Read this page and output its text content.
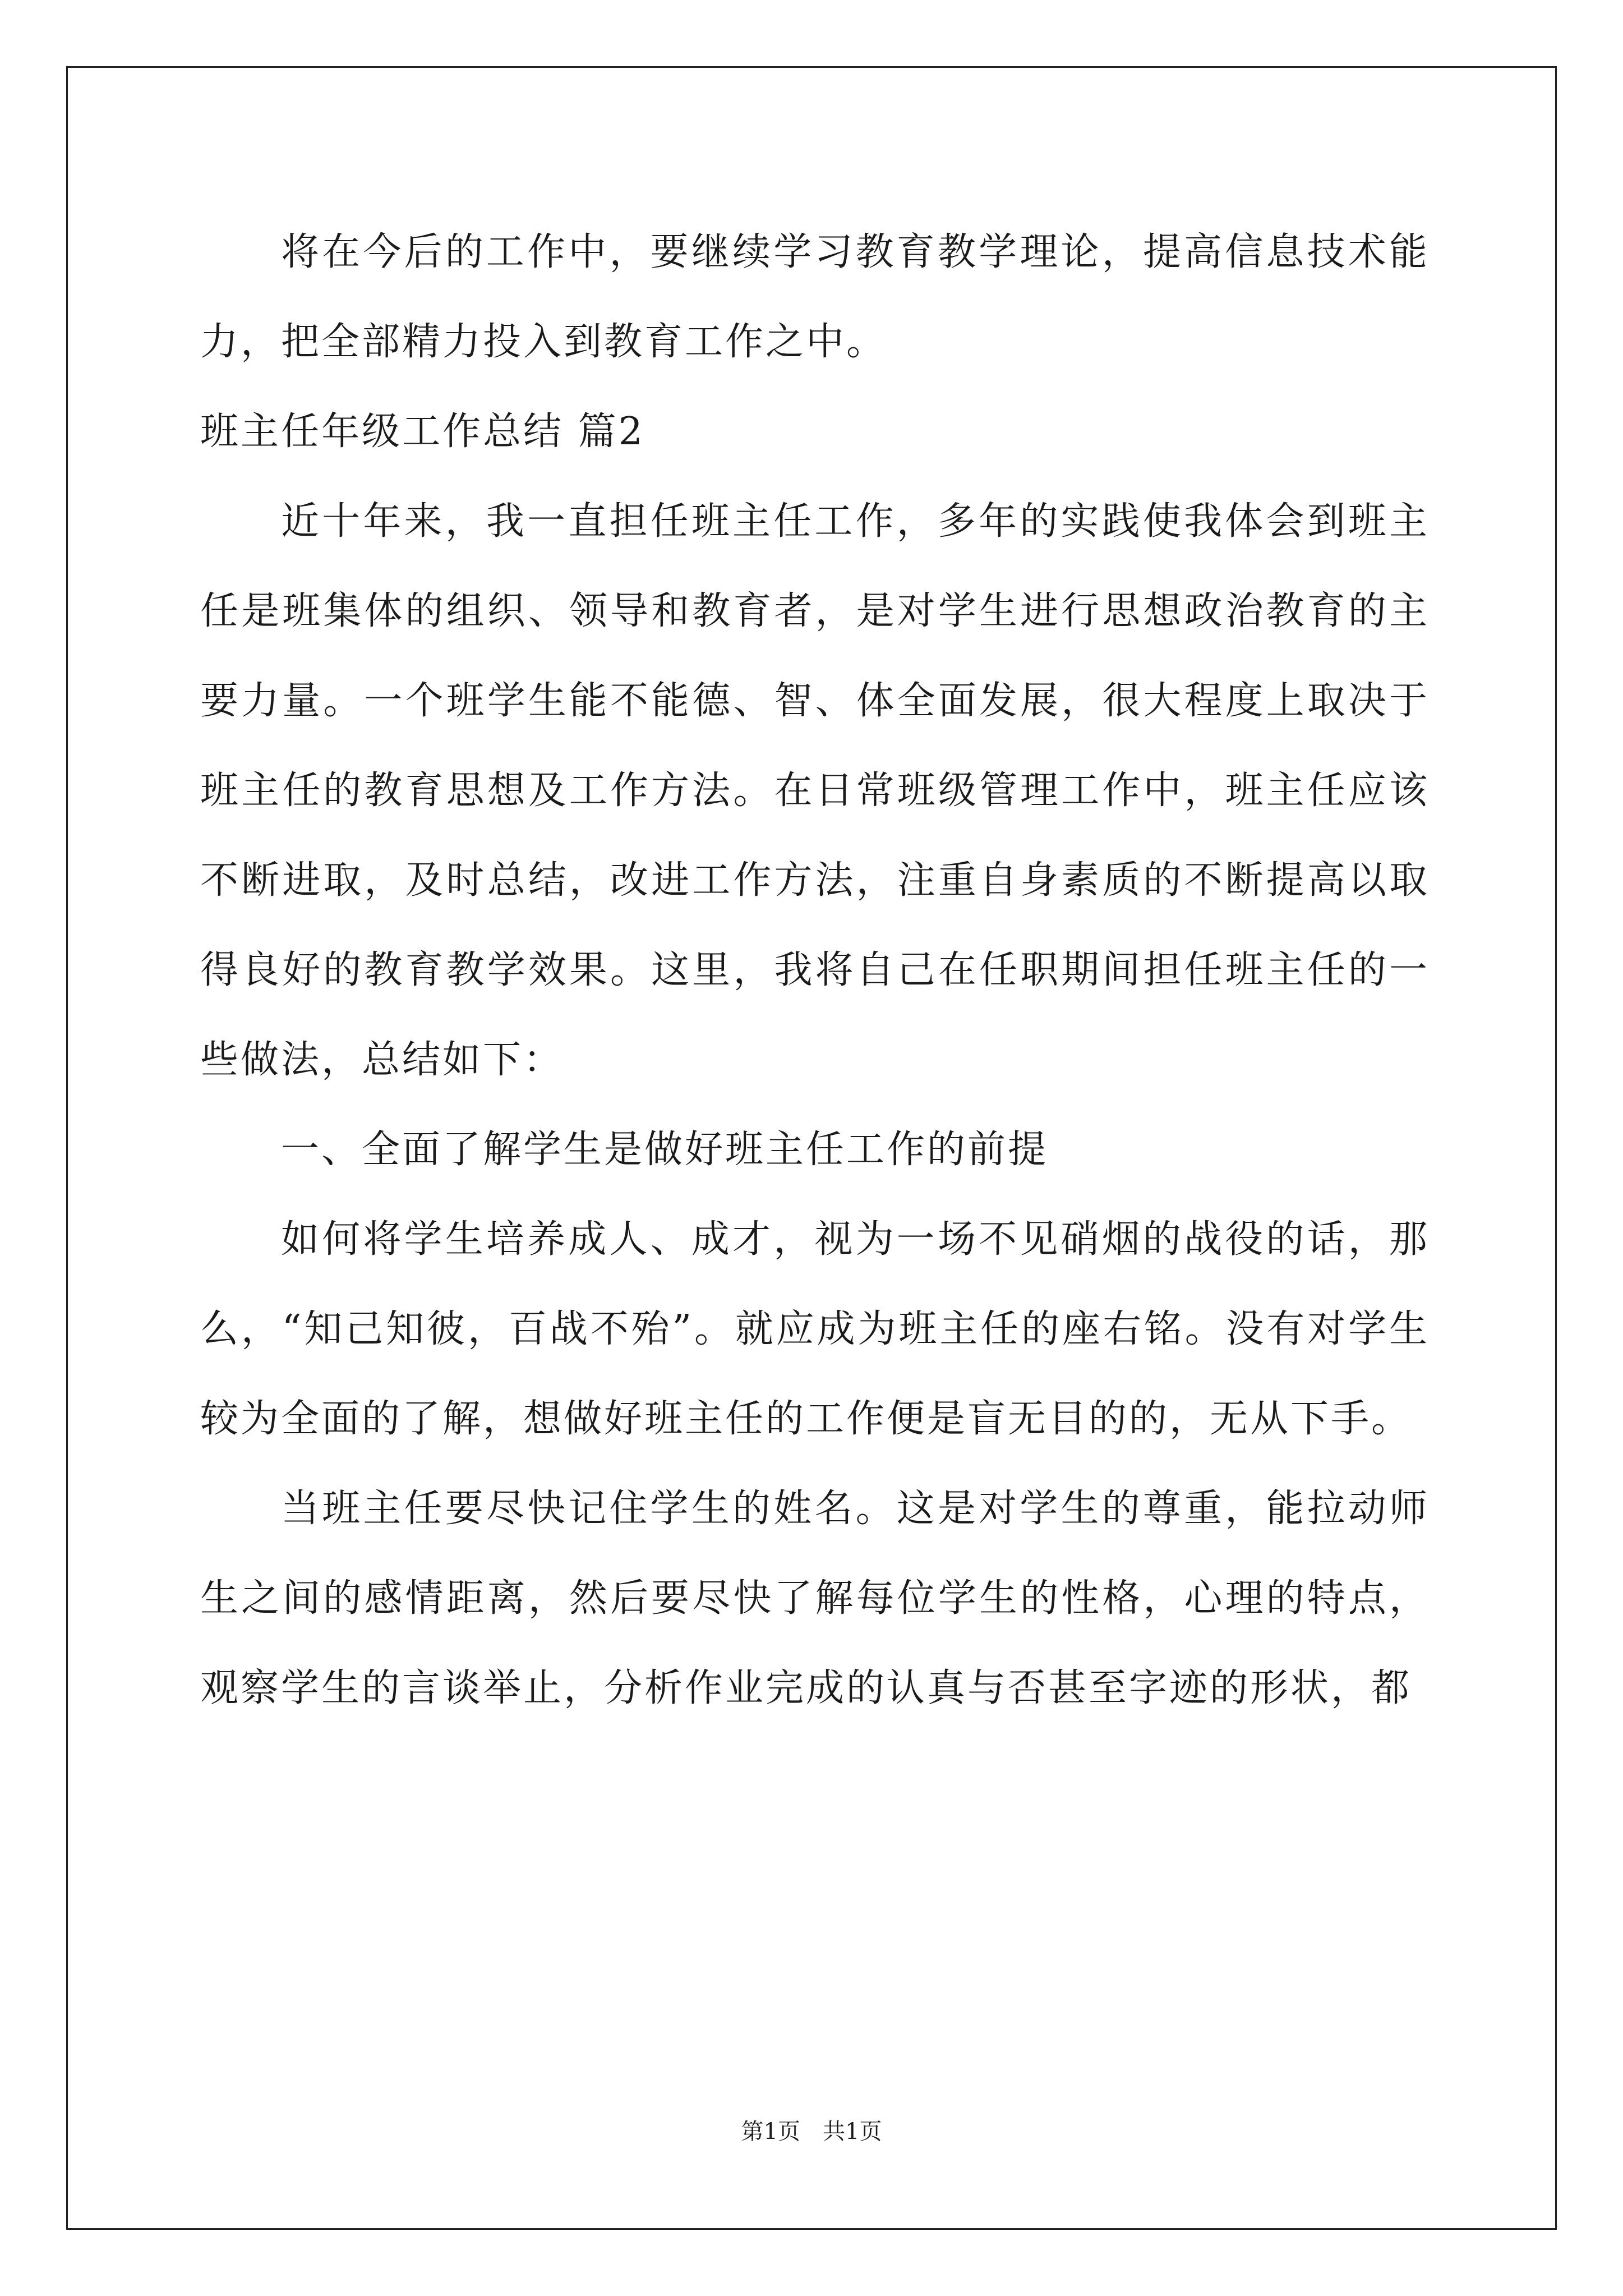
将在今后的工作中，要继续学习教育教学理论，提高信息技术能力，把全部精力投入到教育工作之中。

班主任年级工作总结 篇2

近十年来，我一直担任班主任工作，多年的实践使我体会到班主任是班集体的组织、领导和教育者，是对学生进行思想政治教育的主要力量。一个班学生能不能德、智、体全面发展，很大程度上取决于班主任的教育思想及工作方法。在日常班级管理工作中，班主任应该不断进取，及时总结，改进工作方法，注重自身素质的不断提高以取得良好的教育教学效果。这里，我将自己在任职期间担任班主任的一些做法，总结如下：

一、全面了解学生是做好班主任工作的前提

如何将学生培养成人、成才，视为一场不见硝烟的战役的话，那么，“知己知彼，百战不殆”。就应成为班主任的座右铭。没有对学生较为全面的了解，想做好班主任的工作便是盲无目的的，无从下手。

当班主任要尽快记住学生的姓名。这是对学生的尊重，能拉动师生之间的感情距离，然后要尽快了解每位学生的性格，心理的特点，观察学生的言谈举止，分析作业完成的认真与否甚至字迹的形状，都

第1页　共1页
